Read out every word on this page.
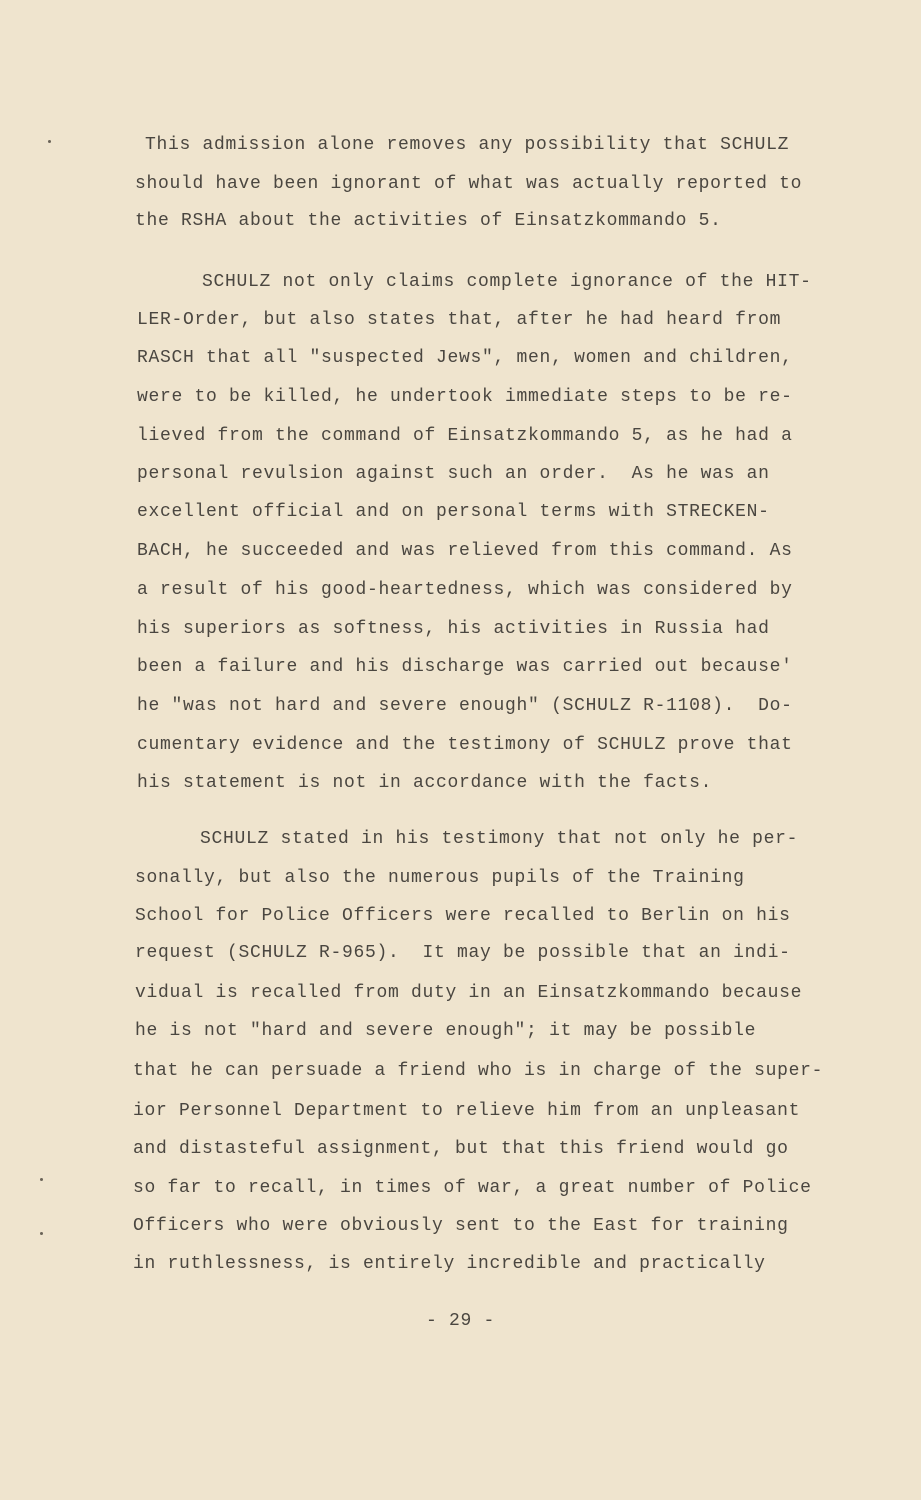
This admission alone removes any possibility that SCHULZ
should have been ignorant of what was actually reported to
the RSHA about the activities of Einsatzkommando 5.
SCHULZ not only claims complete ignorance of the HIT-
LER-Order, but also states that, after he had heard from
RASCH that all "suspected Jews", men, women and children,
were to be killed, he undertook immediate steps to be re-
lieved from the command of Einsatzkommando 5, as he had a
personal revulsion against such an order.  As he was an
excellent official and on personal terms with STRECKEN-
BACH, he succeeded and was relieved from this command. As
a result of his good-heartedness, which was considered by
his superiors as softness, his activities in Russia had
been a failure and his discharge was carried out because'
he "was not hard and severe enough" (SCHULZ R-1108).  Do-
cumentary evidence and the testimony of SCHULZ prove that
his statement is not in accordance with the facts.
SCHULZ stated in his testimony that not only he per-
sonally, but also the numerous pupils of the Training
School for Police Officers were recalled to Berlin on his
request (SCHULZ R-965).  It may be possible that an indi-
vidual is recalled from duty in an Einsatzkommando because
he is not "hard and severe enough"; it may be possible
that he can persuade a friend who is in charge of the super-
ior Personnel Department to relieve him from an unpleasant
and distasteful assignment, but that this friend would go
so far to recall, in times of war, a great number of Police
Officers who were obviously sent to the East for training
in ruthlessness, is entirely incredible and practically
- 29 -
